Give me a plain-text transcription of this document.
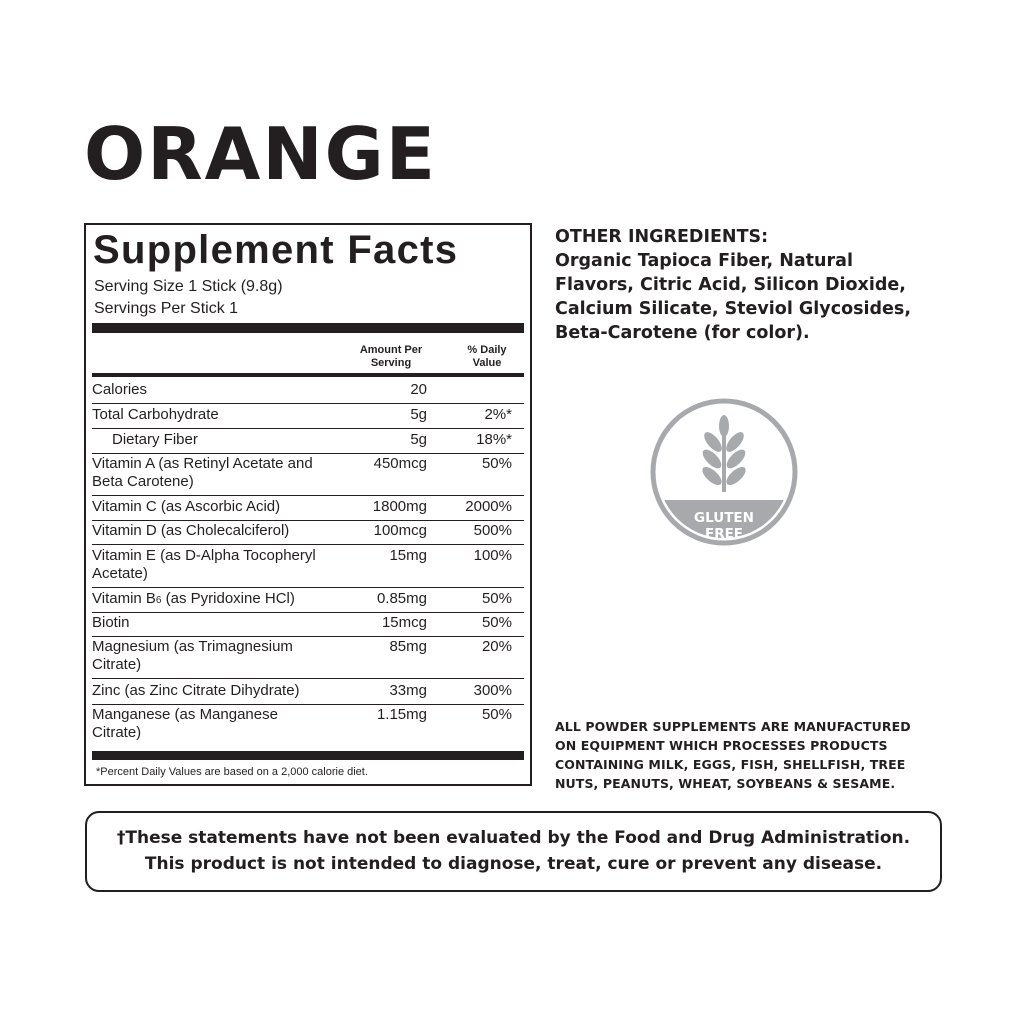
ORANGE
Supplement Facts
Serving Size 1 Stick (9.8g)
Servings Per Stick 1
Amount Per
Serving
% Daily
Value
Calories	20
Total Carbohydrate	5g	2%*
Dietary Fiber	5g	18%*
Vitamin A (as Retinyl Acetate and Beta Carotene)
450mcg	50%
Vitamin C (as Ascorbic Acid)	1800mg	2000%
Vitamin D (as Cholecalciferol)	100mcg	500%
Vitamin E (as D-Alpha Tocopheryl Acetate)
15mg	100%
Vitamin B6 (as Pyridoxine HCl)	0.85mg	50%
Biotin	15mcg	50%
Magnesium (as Trimagnesium Citrate)
85mg	20%
Zinc (as Zinc Citrate Dihydrate)	33mg	300%
Manganese (as Manganese Citrate)
1.15mg	50%
*Percent Daily Values are based on a 2,000 calorie diet.

OTHER INGREDIENTS:

Organic Tapioca Fiber, Natural

Flavors, Citric Acid, Silicon Dioxide,

Calcium Silicate, Steviol Glycosides,

Beta-Carotene (for color).

GLUTEN
FREE
ALL POWDER SUPPLEMENTS ARE MANUFACTURED
ON EQUIPMENT WHICH PROCESSES PRODUCTS
CONTAINING MILK, EGGS, FISH, SHELLFISH, TREE
NUTS, PEANUTS, WHEAT, SOYBEANS & SESAME.
†These statements have not been evaluated by the Food and Drug Administration.
This product is not intended to diagnose, treat, cure or prevent any disease.
